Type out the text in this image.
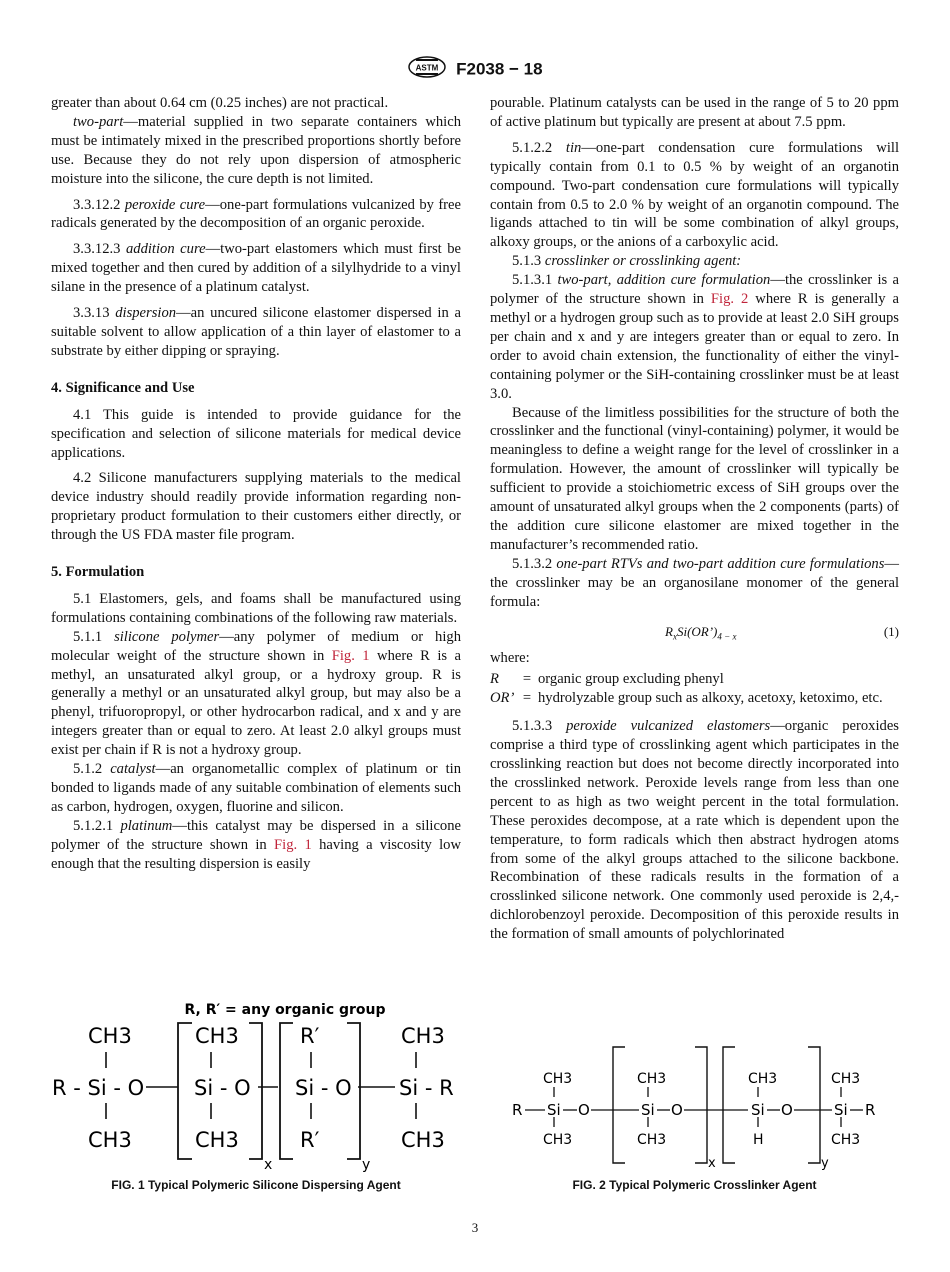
ASTM F2038 − 18

greater than about 0.64 cm (0.25 inches) are not practical.

two-part—material supplied in two separate containers which must be intimately mixed in the prescribed proportions shortly before use. Because they do not rely upon dispersion of atmospheric moisture into the silicone, the cure depth is not limited.

3.3.12.2 peroxide cure—one-part formulations vulcanized by free radicals generated by the decomposition of an organic peroxide.

3.3.12.3 addition cure—two-part elastomers which must first be mixed together and then cured by addition of a silylhydride to a vinyl silane in the presence of a platinum catalyst.

3.3.13 dispersion—an uncured silicone elastomer dispersed in a suitable solvent to allow application of a thin layer of elastomer to a substrate by either dipping or spraying.

4. Significance and Use

4.1 This guide is intended to provide guidance for the specification and selection of silicone materials for medical device applications.

4.2 Silicone manufacturers supplying materials to the medical device industry should readily provide information regarding non-proprietary product formulation to their customers either directly, or through the US FDA master file program.

5. Formulation

5.1 Elastomers, gels, and foams shall be manufactured using formulations containing combinations of the following raw materials.

5.1.1 silicone polymer—any polymer of medium or high molecular weight of the structure shown in Fig. 1 where R is a methyl, an unsaturated alkyl group, or a hydroxy group. R is generally a methyl or an unsaturated alkyl group, but may also be a phenyl, trifuoropropyl, or other hydrocarbon radical, and x and y are integers greater than or equal to zero. At least 2.0 alkyl groups must exist per chain if R is not a hydroxy group.

5.1.2 catalyst—an organometallic complex of platinum or tin bonded to ligands made of any suitable combination of elements such as carbon, hydrogen, oxygen, fluorine and silicon.

5.1.2.1 platinum—this catalyst may be dispersed in a silicone polymer of the structure shown in Fig. 1 having a viscosity low enough that the resulting dispersion is easily

pourable. Platinum catalysts can be used in the range of 5 to 20 ppm of active platinum but typically are present at about 7.5 ppm.

5.1.2.2 tin—one-part condensation cure formulations will typically contain from 0.1 to 0.5 % by weight of an organotin compound. Two-part condensation cure formulations will typically contain from 0.5 to 2.0 % by weight of an organotin compound. The ligands attached to tin will be some combination of alkyl groups, alkoxy groups, or the anions of a carboxylic acid.

5.1.3 crosslinker or crosslinking agent:

5.1.3.1 two-part, addition cure formulation—the crosslinker is a polymer of the structure shown in Fig. 2 where R is generally a methyl or a hydrogen group such as to provide at least 2.0 SiH groups per chain and x and y are integers greater than or equal to zero. In order to avoid chain extension, the functionality of either the vinyl-containing polymer or the SiH-containing crosslinker must be at least 3.0.

Because of the limitless possibilities for the structure of both the crosslinker and the functional (vinyl-containing) polymer, it would be meaningless to define a weight range for the level of crosslinker in a formulation. However, the amount of crosslinker will typically be sufficient to provide a stoichiometric excess of SiH groups over the amount of unsaturated alkyl groups when the 2 components (parts) of the addition cure silicone elastomer are mixed together in the manufacturer’s recommended ratio.

5.1.3.2 one-part RTVs and two-part addition cure formulations—the crosslinker may be an organosilane monomer of the general formula:

$R_xSi(OR’)_{4 - x}$	(1)

where:

R	= organic group excluding phenyl
OR’ = hydrolyzable group such as alkoxy, acetoxy, ketoximo, etc.

5.1.3.3 peroxide vulcanized elastomers—organic peroxides comprise a third type of crosslinking agent which participates in the crosslinking reaction but does not become directly incorporated into the crosslinked network. Peroxide levels range from less than one percent to as high as two weight percent in the total formulation. These peroxides decompose, at a rate which is dependent upon the temperature, to form radicals which then abstract hydrogen atoms from some of the alkyl groups attached to the silicone backbone. Recombination of these radicals results in the formation of a crosslinked silicone network. One commonly used peroxide is 2,4,-dichlorobenzoyl peroxide. Decomposition of this peroxide results in the formation of small amounts of polychlorinated

R, R′ = any organic group
CH3	CH3	R′	CH3
R - Si - O Si - O Si - O Si - R
CH3	CH3	R′	CH3
x	y
FIG. 1 Typical Polymeric Silicone Dispersing Agent
CH3	CH3	CH3	CH3
R Si O	Si O	Si O	Si R
CH3	CH3	H	CH3
x	y
FIG. 2 Typical Polymeric Crosslinker Agent
3
